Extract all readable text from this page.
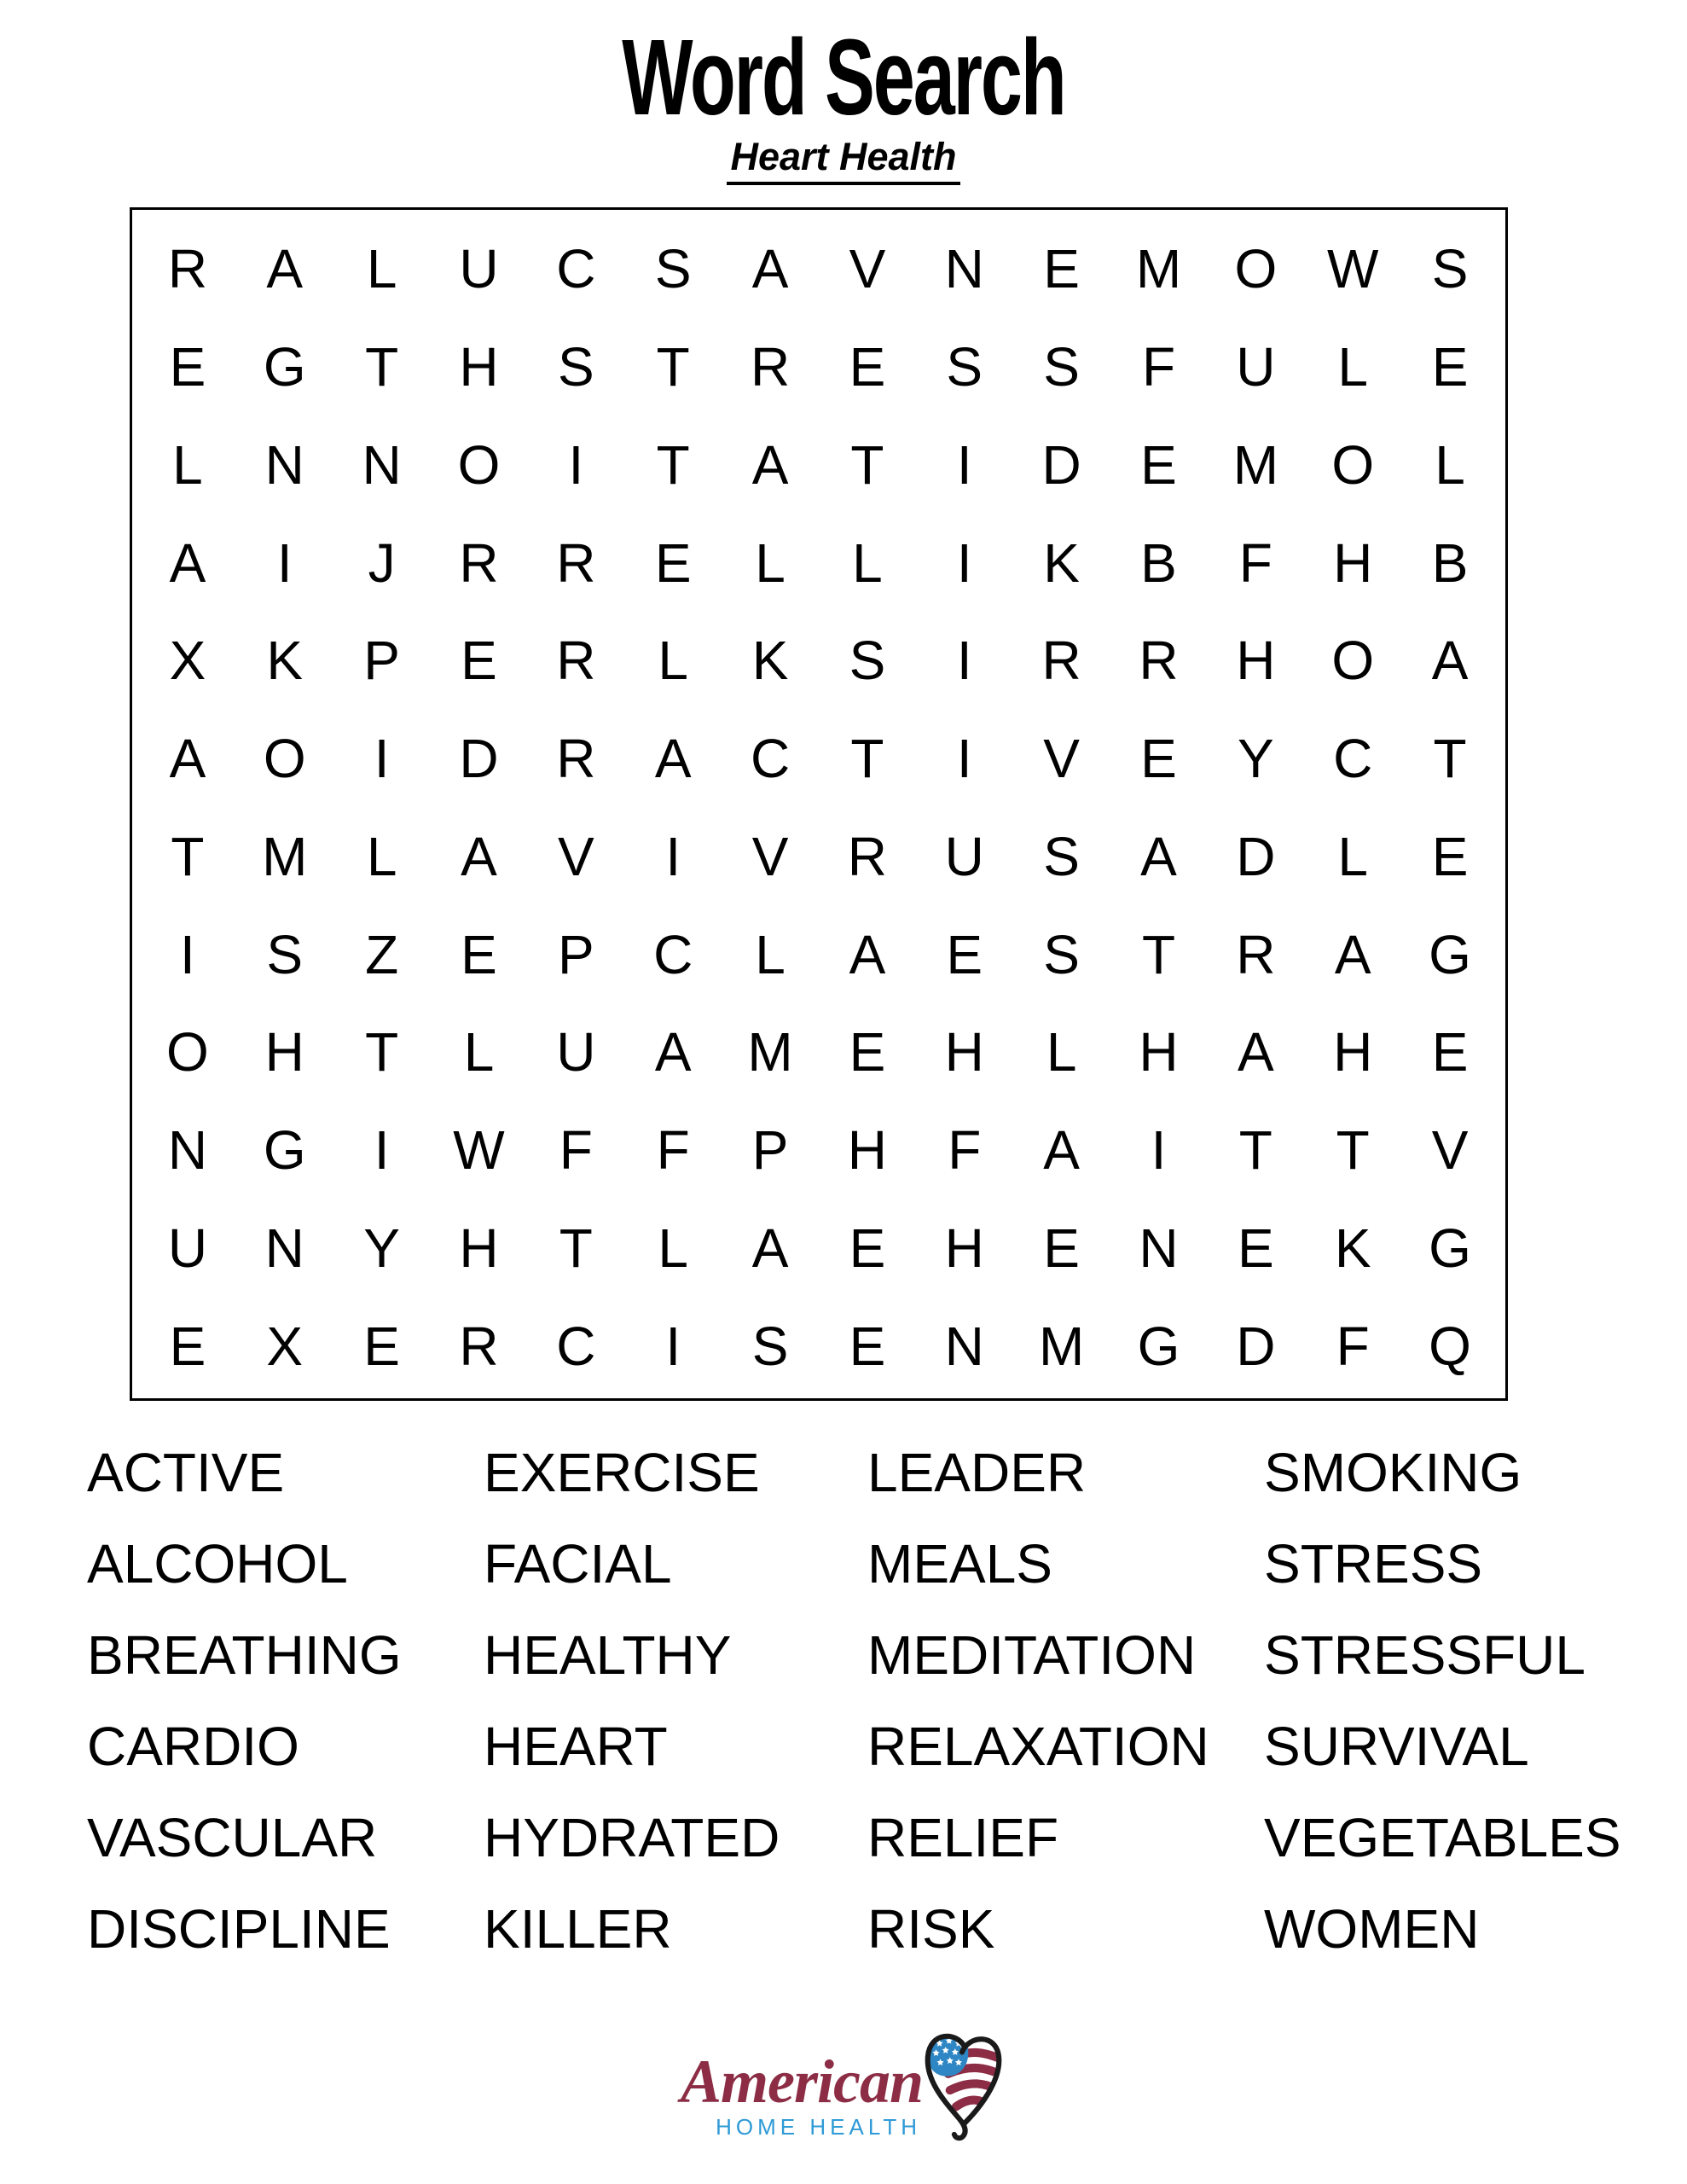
Word Search
Heart Health
R	A	L	U	C	S	A	V	N	E	M O W S
E	G	T	H	S	T	R	E	S	S	F	U	L	E
L	N	N	O	I	T	A	T	I	D	E	M O	L
A	I	J	R	R	E	L	L	I	K	B	F	H	B
X	K	P	E	R	L	K	S	I	R	R	H	O	A
A	O	I	D	R	A	C	T	I	V	E	Y	C	T
T	M	L	A	V	I	V	R	U	S	A	D	L	E
I	S	Z	E	P	C	L	A	E	S	T	R	A	G
O	H	T	L	U	A	M	E	H	L	H	A	H	E
N	G	I	W	F	F	P	H	F	A	I	T	T	V
U	N	Y	H	T	L	A	E	H	E	N	E	K	G
E	X	E	R	C	I	S	E	N	M G	D	F	Q
ACTIVE
ALCOHOL
BREATHING
CARDIO
VASCULAR
DISCIPLINE
EXERCISE
FACIAL
HEALTHY
HEART
HYDRATED
KILLER
LEADER
MEALS
MEDITATION
RELAXATION
RELIEF
RISK
SMOKING
STRESS
STRESSFUL
SURVIVAL
VEGETABLES
WOMEN
American
HOME HEALTH
